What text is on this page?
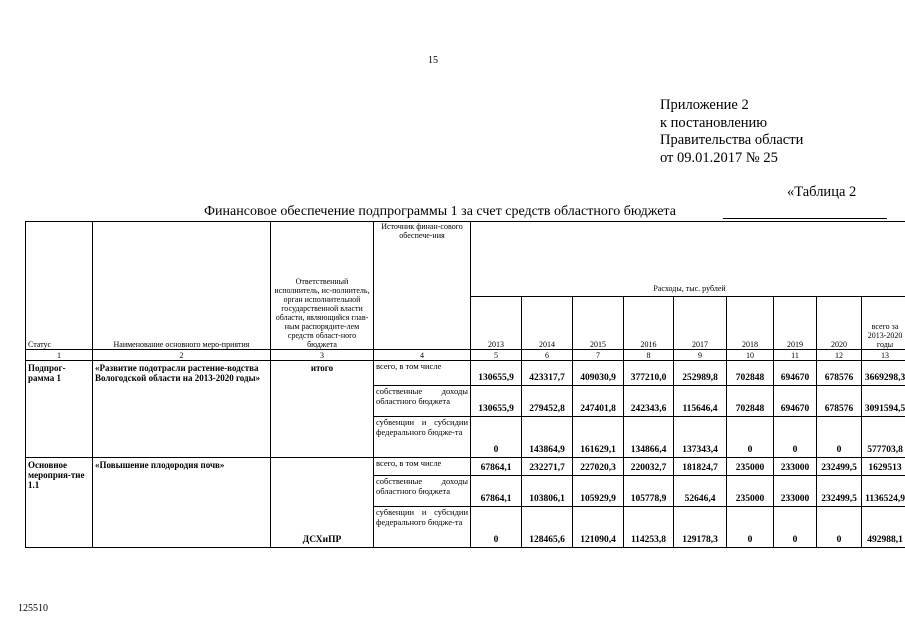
15
Приложение 2
к постановлению
Правительства области
от 09.01.2017 № 25
«Таблица 2
Финансовое обеспечение подпрограммы 1 за счет средств областного бюджета
Статус	Наименование основного меро-приятия	Ответственный исполнитель, ис-полнитель, орган исполнительной государственной власти области, являющийся глав-ным распорядите-лем средств област-ного бюджета	Источник финан-сового обеспече-ния	Расходы, тыс. рублей								
				2013	2014	2015	2016	2017	2018	2019	2020	всего за 2013-2020 годы
1	2	3	4	5	6	7	8	9	10	11	12	13
Подпрог-рамма 1	«Развитие подотрасли растение-водства Вологодской области на 2013-2020 годы»	итого	всего, в том числе	130655,9	423317,7	409030,9	377210,0	252989,8	702848	694670	678576	3669298,3
			собственные доходы областного бюджета	130655,9	279452,8	247401,8	242343,6	115646,4	702848	694670	678576	3091594,5
			субвенции и субсидии федерального бюдже-та	0	143864,9	161629,1	134866,4	137343,4	0	0	0	577703,8
Основное мероприя-тие 1.1	«Повышение плодородия почв»	ДСХиПР	всего, в том числе	67864,1	232271,7	227020,3	220032,7	181824,7	235000	233000	232499,5	1629513
			собственные доходы областного бюджета	67864,1	103806,1	105929,9	105778,9	52646,4	235000	233000	232499,5	1136524,9
			субвенции и субсидии федерального бюдже-та	0	128465,6	121090,4	114253,8	129178,3	0	0	0	492988,1
125510
